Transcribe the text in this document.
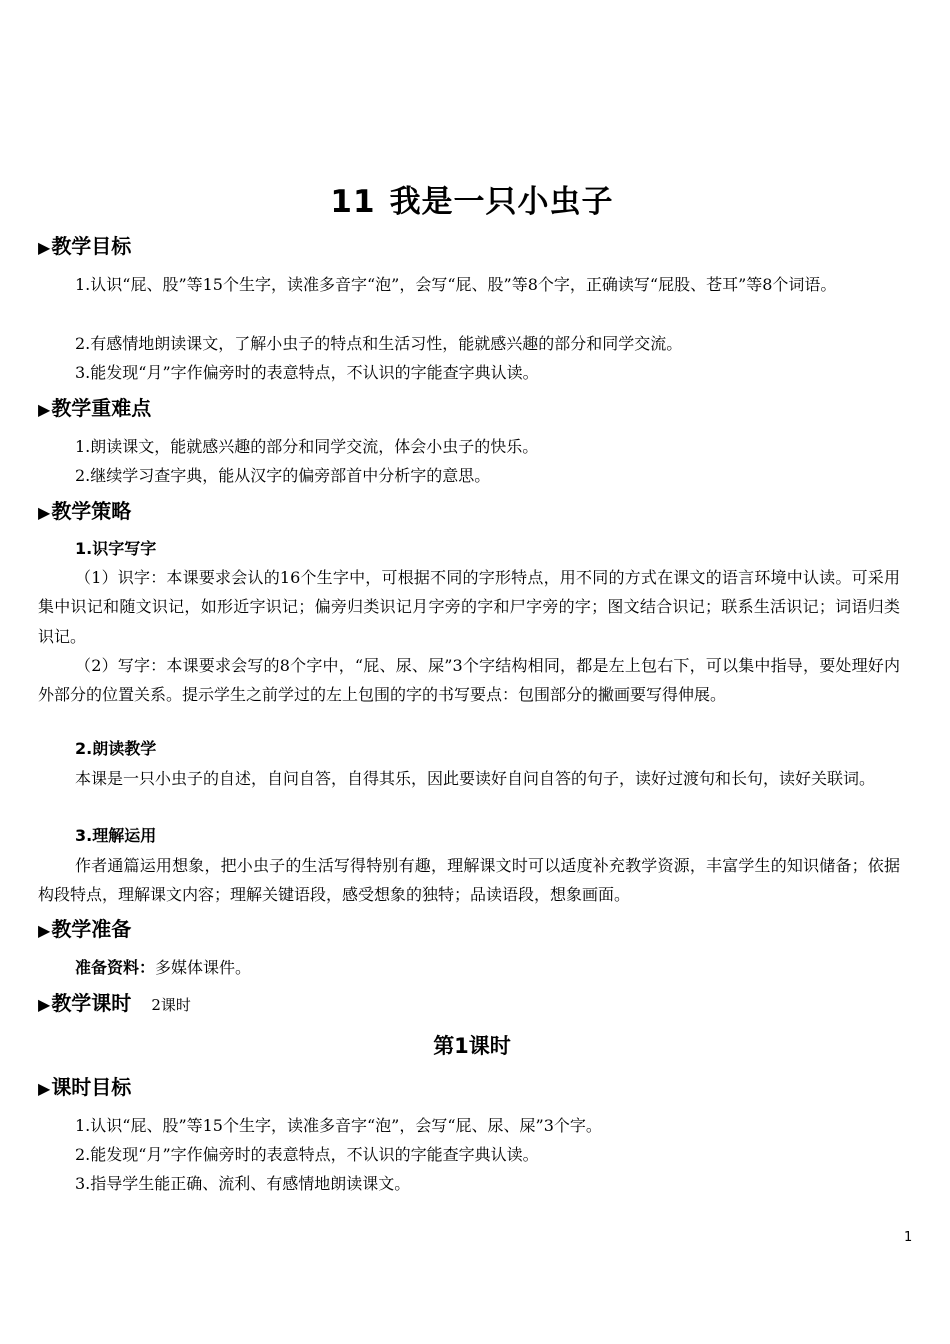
11 我是一只小虫子
▶教学目标
1.认识“屁、股”等15个生字，读准多音字“泡”，会写“屁、股”等8个字，正确读写“屁股、苍耳”等8个词语。
2.有感情地朗读课文，了解小虫子的特点和生活习性，能就感兴趣的部分和同学交流。
3.能发现“月”字作偏旁时的表意特点，不认识的字能查字典认读。
▶教学重难点
1.朗读课文，能就感兴趣的部分和同学交流，体会小虫子的快乐。
2.继续学习查字典，能从汉字的偏旁部首中分析字的意思。
▶教学策略
1.识字写字
（1）识字：本课要求会认的16个生字中，可根据不同的字形特点，用不同的方式在课文的语言环境中认读。可采用集中识记和随文识记，如形近字识记；偏旁归类识记月字旁的字和尸字旁的字；图文结合识记；联系生活识记；词语归类识记。
（2）写字：本课要求会写的8个字中，“屁、尿、屎”3个字结构相同，都是左上包右下，可以集中指导，要处理好内外部分的位置关系。提示学生之前学过的左上包围的字的书写要点：包围部分的撇画要写得伸展。
2.朗读教学
本课是一只小虫子的自述，自问自答，自得其乐，因此要读好自问自答的句子，读好过渡句和长句，读好关联词。
3.理解运用
作者通篇运用想象，把小虫子的生活写得特别有趣，理解课文时可以适度补充教学资源，丰富学生的知识储备；依据构段特点，理解课文内容；理解关键语段，感受想象的独特；品读语段，想象画面。
▶教学准备
准备资料：多媒体课件。
▶教学课时 2课时
第1课时
▶课时目标
1.认识“屁、股”等15个生字，读准多音字“泡”，会写“屁、尿、屎”3个字。
2.能发现“月”字作偏旁时的表意特点，不认识的字能查字典认读。
3.指导学生能正确、流利、有感情地朗读课文。
1
